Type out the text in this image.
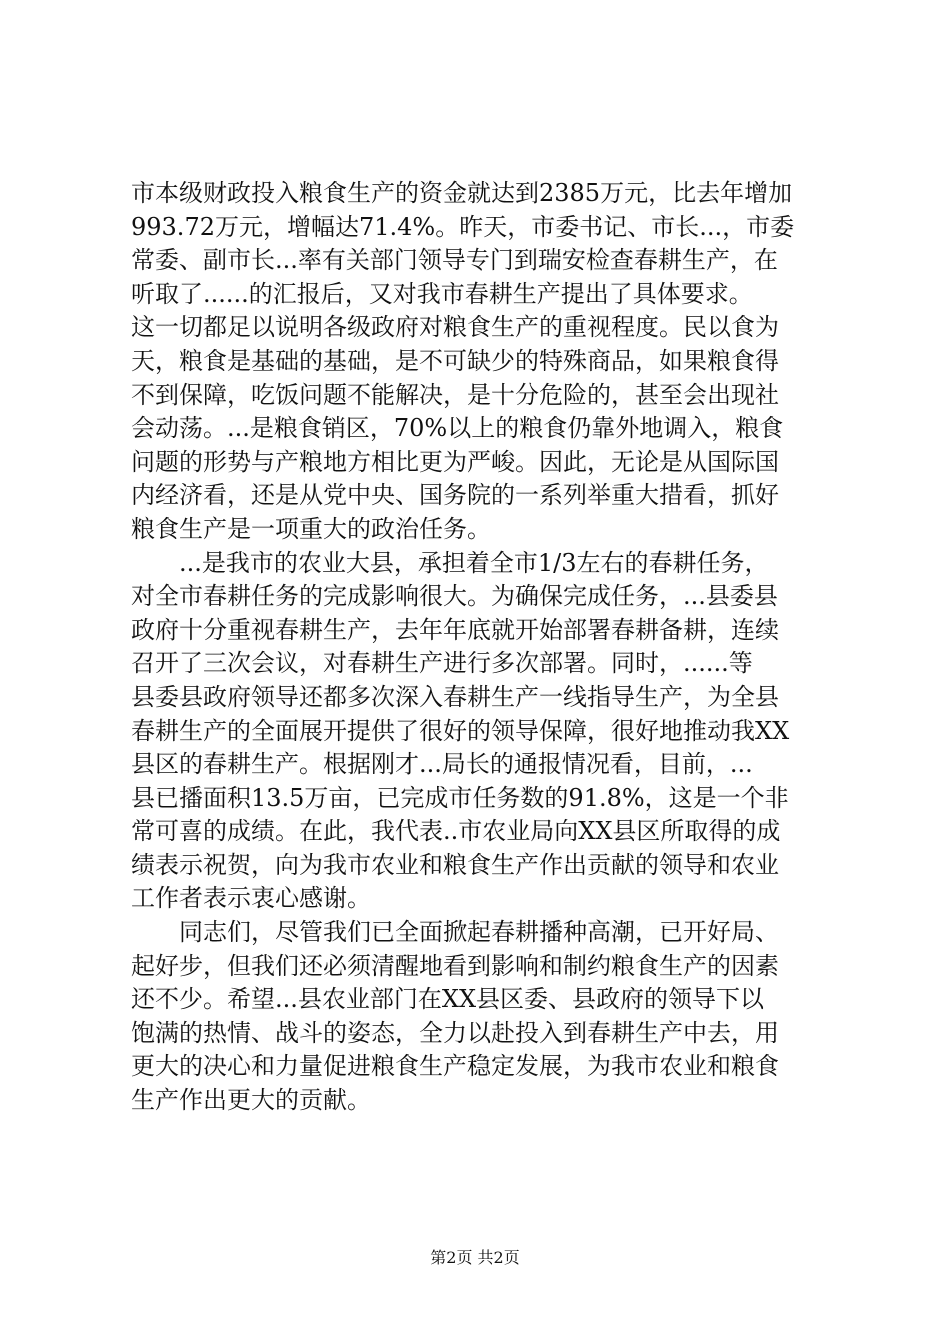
市本级财政投入粮食生产的资金就达到2385万元，比去年增加
993.72万元，增幅达71.4%。昨天，市委书记、市长...，市委
常委、副市长...率有关部门领导专门到瑞安检查春耕生产，在
听取了......的汇报后，又对我市春耕生产提出了具体要求。
这一切都足以说明各级政府对粮食生产的重视程度。民以食为
天，粮食是基础的基础，是不可缺少的特殊商品，如果粮食得
不到保障，吃饭问题不能解决，是十分危险的，甚至会出现社
会动荡。...是粮食销区，70%以上的粮食仍靠外地调入，粮食
问题的形势与产粮地方相比更为严峻。因此，无论是从国际国
内经济看，还是从党中央、国务院的一系列举重大措看，抓好
粮食生产是一项重大的政治任务。
　　...是我市的农业大县，承担着全市1/3左右的春耕任务，
对全市春耕任务的完成影响很大。为确保完成任务，...县委县
政府十分重视春耕生产，去年年底就开始部署春耕备耕，连续
召开了三次会议，对春耕生产进行多次部署。同时，......等
县委县政府领导还都多次深入春耕生产一线指导生产，为全县
春耕生产的全面展开提供了很好的领导保障，很好地推动我XX
县区的春耕生产。根据刚才...局长的通报情况看，目前，...
县已播面积13.5万亩，已完成市任务数的91.8%，这是一个非
常可喜的成绩。在此，我代表..市农业局向XX县区所取得的成
绩表示祝贺，向为我市农业和粮食生产作出贡献的领导和农业
工作者表示衷心感谢。
　　同志们，尽管我们已全面掀起春耕播种高潮，已开好局、
起好步，但我们还必须清醒地看到影响和制约粮食生产的因素
还不少。希望...县农业部门在XX县区委、县政府的领导下以
饱满的热情、战斗的姿态，全力以赴投入到春耕生产中去，用
更大的决心和力量促进粮食生产稳定发展，为我市农业和粮食
生产作出更大的贡献。
第2页 共2页
